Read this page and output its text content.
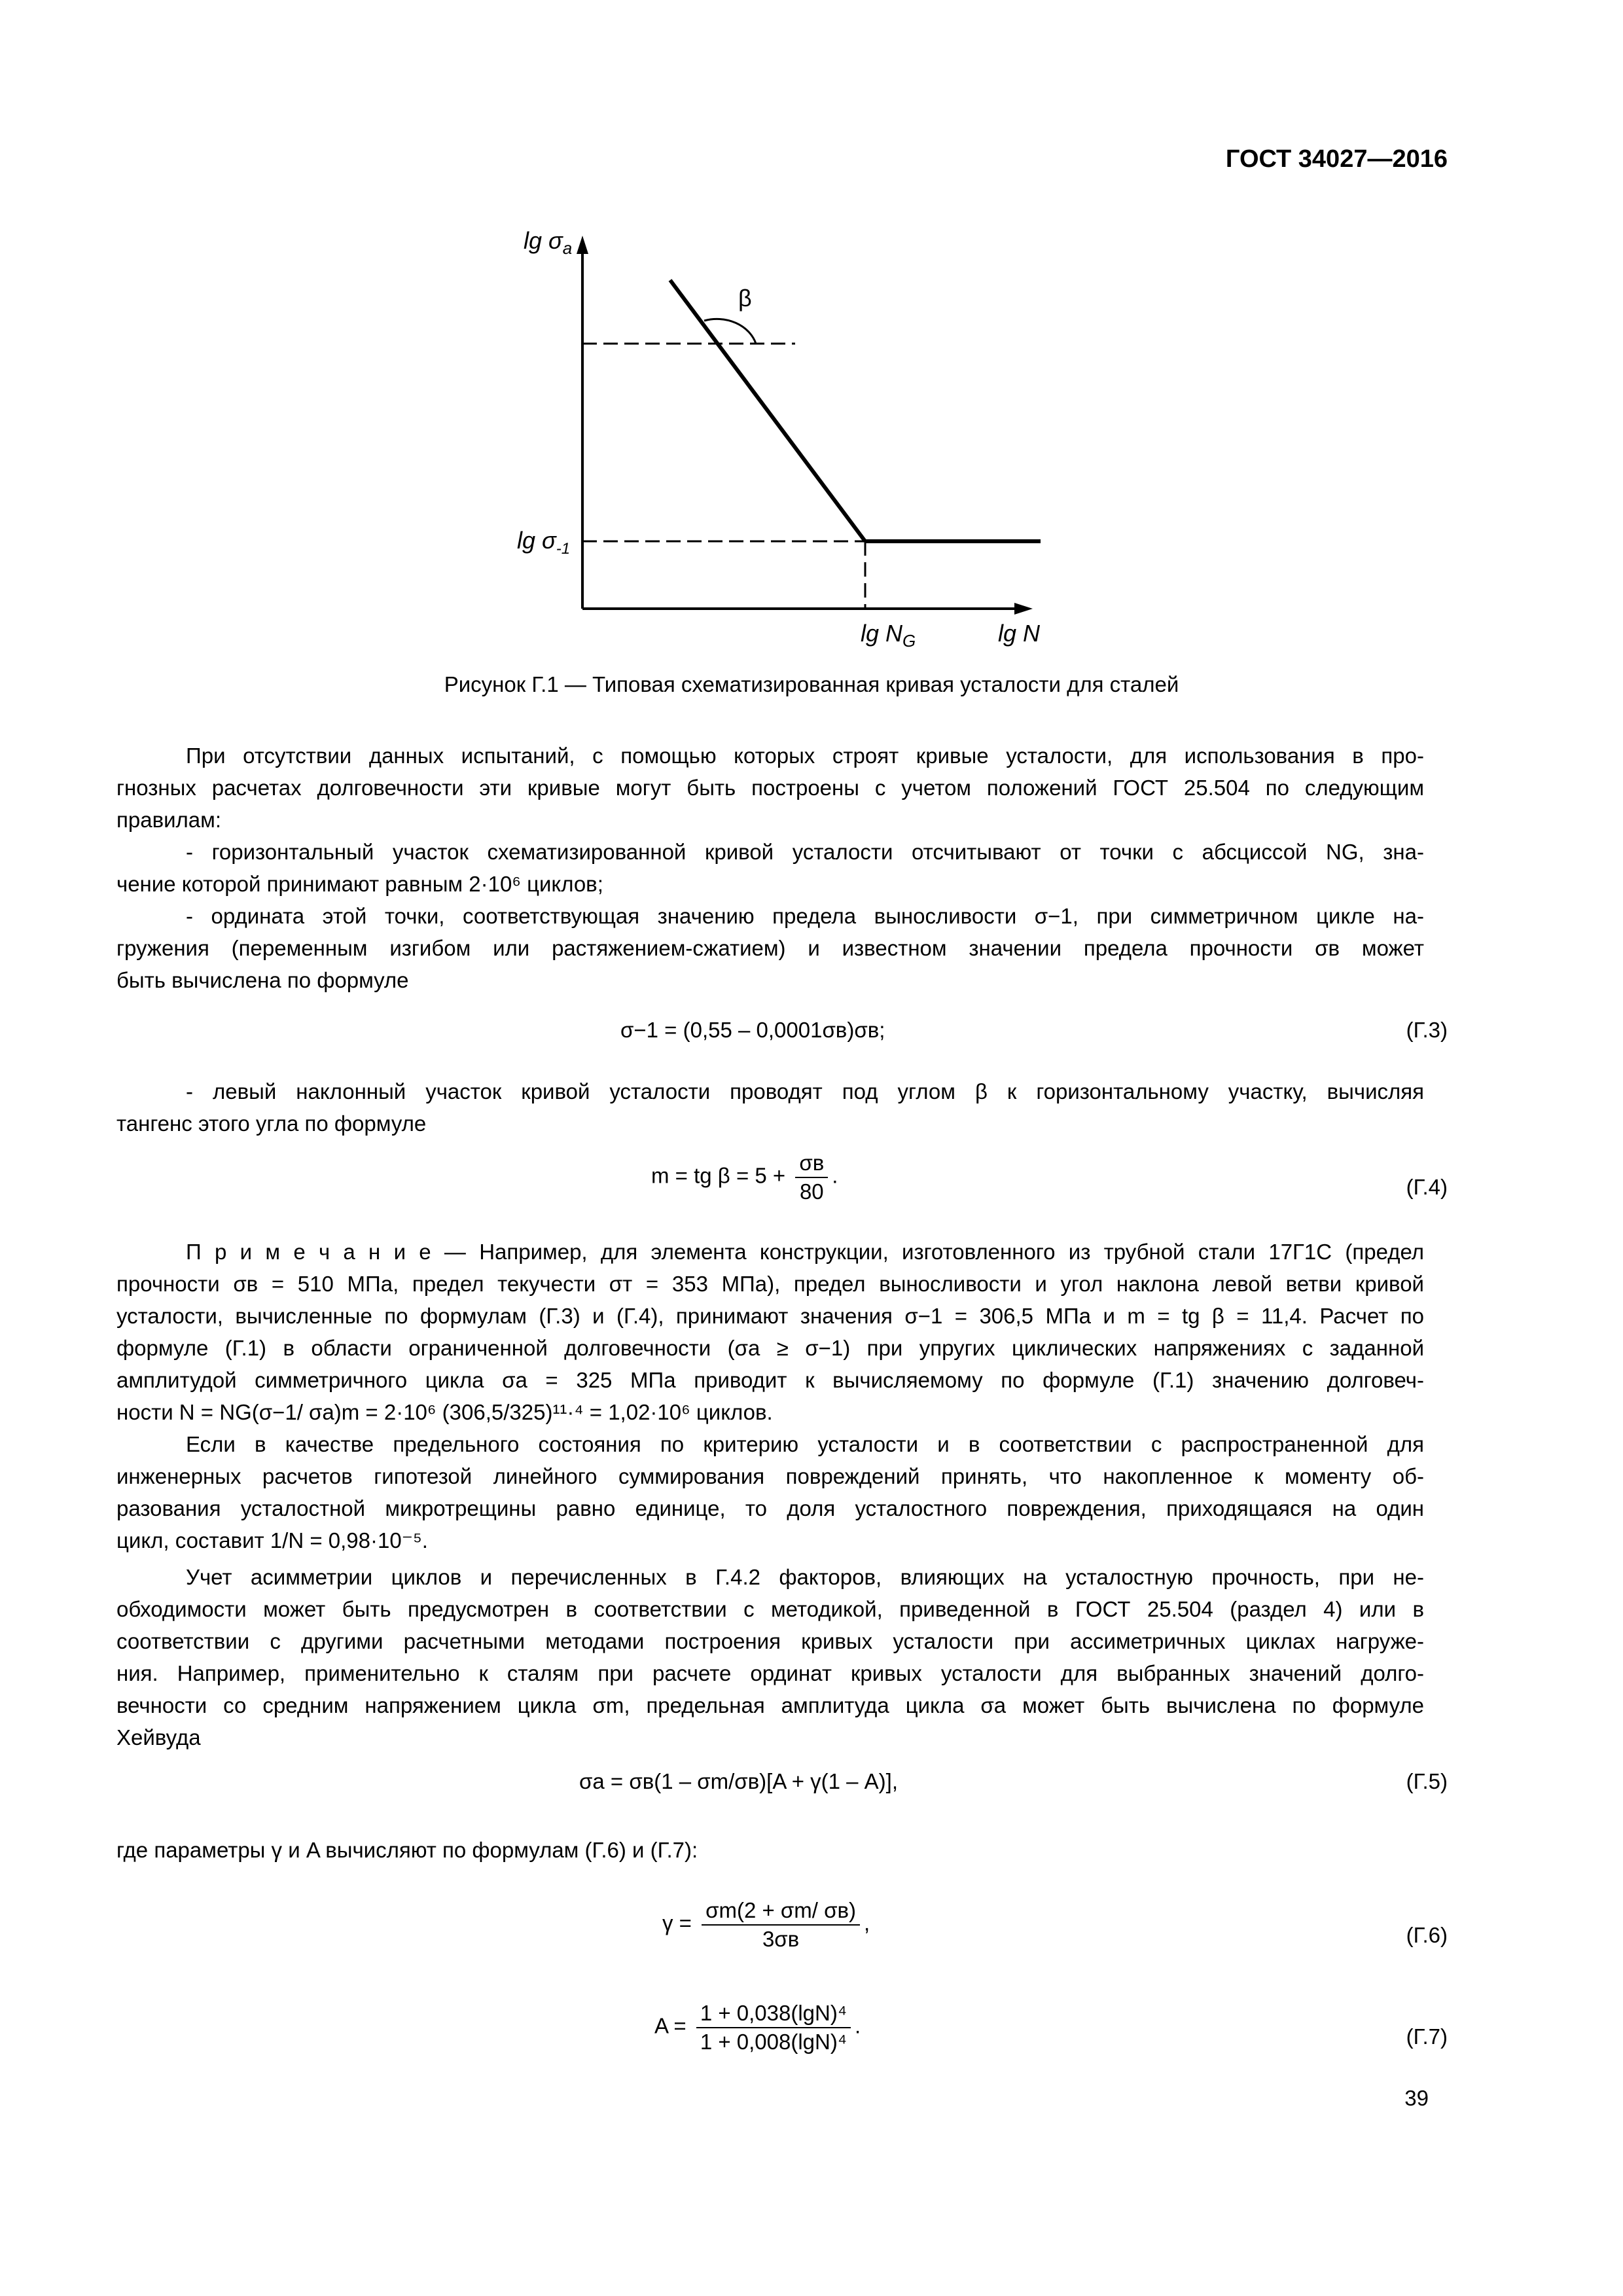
ГОСТ 34027—2016
$\lg \sigma_a$
$\lg \sigma_{-1}$
$\lg N_G$	lg N
β
Рисунок Г.1 — Типовая схематизированная кривая усталости для сталей
При отсутствии данных испытаний, с помощью которых строят кривые усталости, для использования в про-
гнозных расчетах долговечности эти кривые могут быть построены с учетом положений ГОСТ 25.504 по следующим
правилам:
- горизонтальный участок схематизированной кривой усталости отсчитывают от точки с абсциссой NG, зна-
чение которой принимают равным 2·10⁶ циклов;
- ордината этой точки, соответствующая значению предела выносливости σ−1, при симметричном цикле на-
гружения (переменным изгибом или растяжением-сжатием) и известном значении предела прочности σв может
быть вычислена по формуле
σ−1 = (0,55 – 0,0001σв)σв;	(Г.3)
- левый наклонный участок кривой усталости проводят под углом β к горизонтальному участку, вычисляя
тангенс этого угла по формуле
m = tg $\beta = 5 + \frac{\sigma в}{80}$ .	(Г.4)
П р и м е ч а н и е — Например, для элемента конструкции, изготовленного из трубной стали 17Г1С (предел
прочности σв = 510 МПа, предел текучести σт = 353 МПа), предел выносливости и угол наклона левой ветви кривой
усталости, вычисленные по формулам (Г.3) и (Г.4), принимают значения σ−1 = 306,5 МПа и m = tg β = 11,4. Расчет по
формуле (Г.1) в области ограниченной долговечности (σа ≥ σ−1) при упругих циклических напряжениях с заданной
амплитудой симметричного цикла σа = 325 МПа приводит к вычисляемому по формуле (Г.1) значению долговеч-
ности N = NG(σ−1/ σа)m = 2·10⁶ (306,5/325)¹¹·⁴ = 1,02·10⁶ циклов.
Если в качестве предельного состояния по критерию усталости и в соответствии с распространенной для
инженерных расчетов гипотезой линейного суммирования повреждений принять, что накопленное к моменту об-
разования усталостной микротрещины равно единице, то доля усталостного повреждения, приходящаяся на один
цикл, составит 1/N = 0,98·10⁻⁵.
Учет асимметрии циклов и перечисленных в Г.4.2 факторов, влияющих на усталостную прочность, при не-
обходимости может быть предусмотрен в соответствии с методикой, приведенной в ГОСТ 25.504 (раздел 4) или в
соответствии с другими расчетными методами построения кривых усталости при ассиметричных циклах нагруже-
ния. Например, применительно к сталям при расчете ординат кривых усталости для выбранных значений долго-
вечности со средним напряжением цикла σm, предельная амплитуда цикла σа может быть вычислена по формуле
Хейвуда
σа = σв(1 – σm/σв)[A + γ(1 – A)],	(Г.5)
где параметры γ и A вычисляют по формулам (Г.6) и (Г.7):
$\gamma = \frac{\sigma m(2 + \sigma m/ \sigma в)}{3\sigma в}$ ,	(Г.6)
$A = \frac{\text{1 + 0,038(lgN)⁴}}{\text{1 + 0,008(lgN)⁴}}$ .	(Г.7)
39
